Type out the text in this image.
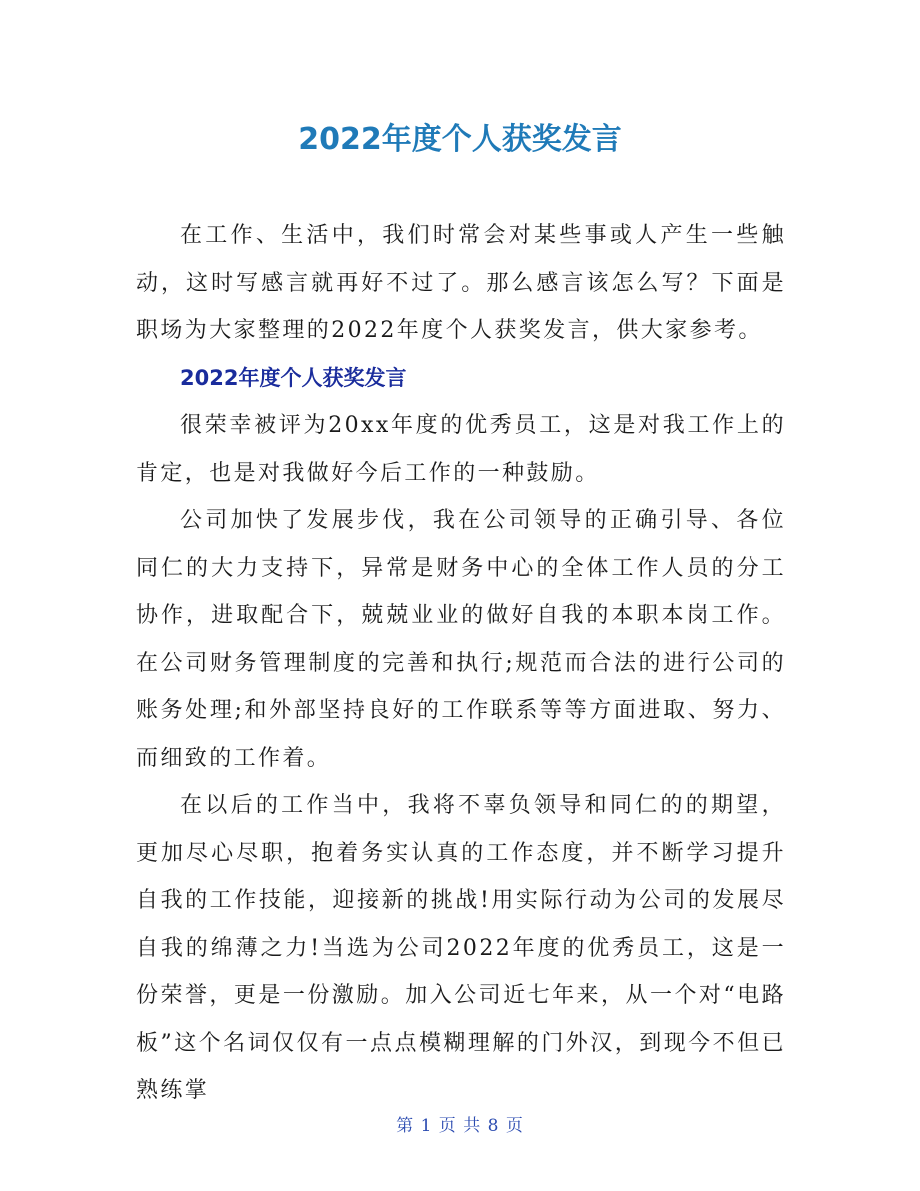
2022年度个人获奖发言

在工作、生活中，我们时常会对某些事或人产生一些触动，这时写感言就再好不过了。那么感言该怎么写？下面是职场为大家整理的2022年度个人获奖发言，供大家参考。

2022年度个人获奖发言

很荣幸被评为20xx年度的优秀员工，这是对我工作上的肯定，也是对我做好今后工作的一种鼓励。

公司加快了发展步伐，我在公司领导的正确引导、各位同仁的大力支持下，异常是财务中心的全体工作人员的分工协作，进取配合下，兢兢业业的做好自我的本职本岗工作。在公司财务管理制度的完善和执行;规范而合法的进行公司的账务处理;和外部坚持良好的工作联系等等方面进取、努力、而细致的工作着。

在以后的工作当中，我将不辜负领导和同仁的的期望，更加尽心尽职，抱着务实认真的工作态度，并不断学习提升自我的工作技能，迎接新的挑战!用实际行动为公司的发展尽自我的绵薄之力!当选为公司2022年度的优秀员工，这是一份荣誉，更是一份激励。加入公司近七年来，从一个对“电路板”这个名词仅仅有一点点模糊理解的门外汉，到现今不但已熟练掌

第 1 页 共 8 页
